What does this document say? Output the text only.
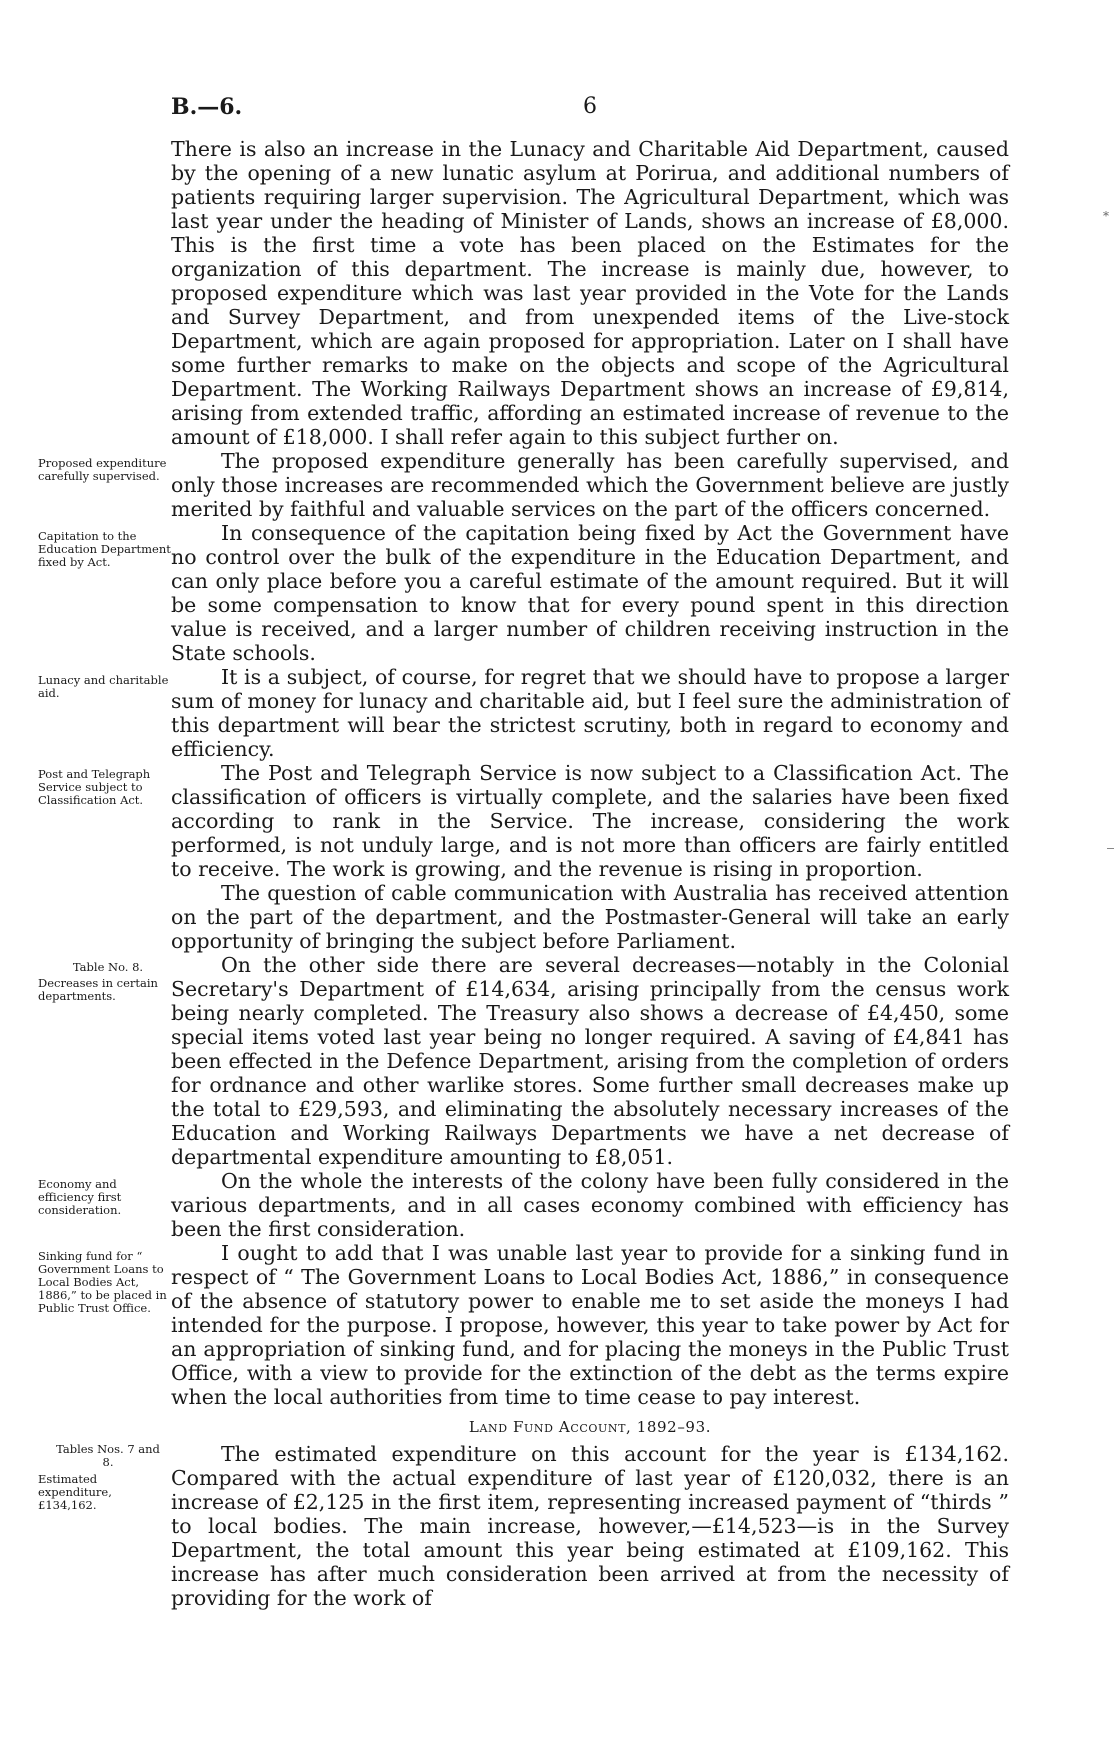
B.—6.	6

There is also an increase in the Lunacy and Charitable Aid Department, caused by the opening of a new lunatic asylum at Porirua, and additional numbers of patients requiring larger supervision. The Agricultural Department, which was last year under the heading of Minister of Lands, shows an increase of £8,000. This is the first time a vote has been placed on the Estimates for the organization of this department. The increase is mainly due, however, to proposed expenditure which was last year provided in the Vote for the Lands and Survey Department, and from unexpended items of the Live-stock Department, which are again proposed for appropriation. Later on I shall have some further remarks to make on the objects and scope of the Agricultural Department. The Working Railways Department shows an increase of £9,814, arising from extended traffic, affording an estimated increase of revenue to the amount of £18,000. I shall refer again to this subject further on.

The proposed expenditure generally has been carefully supervised, and only those increases are recommended which the Government believe are justly merited by faithful and valuable services on the part of the officers concerned.

In consequence of the capitation being fixed by Act the Government have no control over the bulk of the expenditure in the Education Department, and can only place before you a careful estimate of the amount required. But it will be some compensation to know that for every pound spent in this direction value is received, and a larger number of children receiving instruction in the State schools.

It is a subject, of course, for regret that we should have to propose a larger sum of money for lunacy and charitable aid, but I feel sure the administration of this department will bear the strictest scrutiny, both in regard to economy and efficiency.

The Post and Telegraph Service is now subject to a Classification Act. The classification of officers is virtually complete, and the salaries have been fixed according to rank in the Service. The increase, considering the work performed, is not unduly large, and is not more than officers are fairly entitled to receive. The work is growing, and the revenue is rising in proportion.

The question of cable communication with Australia has received attention on the part of the department, and the Postmaster-General will take an early opportunity of bringing the subject before Parliament.

On the other side there are several decreases—notably in the Colonial Secretary's Department of £14,634, arising principally from the census work being nearly completed. The Treasury also shows a decrease of £4,450, some special items voted last year being no longer required. A saving of £4,841 has been effected in the Defence Department, arising from the completion of orders for ordnance and other warlike stores. Some further small decreases make up the total to £29,593, and eliminating the absolutely necessary increases of the Education and Working Railways Departments we have a net decrease of departmental expenditure amounting to £8,051.

On the whole the interests of the colony have been fully considered in the various departments, and in all cases economy combined with efficiency has been the first consideration.

I ought to add that I was unable last year to provide for a sinking fund in respect of “ The Government Loans to Local Bodies Act, 1886,” in consequence of the absence of statutory power to enable me to set aside the moneys I had intended for the purpose. I propose, however, this year to take power by Act for an appropriation of sinking fund, and for placing the moneys in the Public Trust Office, with a view to provide for the extinction of the debt as the terms expire when the local authorities from time to time cease to pay interest.

Land Fund Account, 1892–93.

The estimated expenditure on this account for the year is £134,162. Compared with the actual expenditure of last year of £120,032, there is an increase of £2,125 in the first item, representing increased payment of “thirds ” to local bodies. The main increase, however,—£14,523—is in the Survey Department, the total amount this year being estimated at £109,162. This increase has after much consideration been arrived at from the necessity of providing for the work of

Proposed expenditure carefully supervised.
Capitation to the Education Department fixed by Act.
Lunacy and charitable aid.
Post and Telegraph Service subject to Classification Act.
Table No. 8.
Decreases in certain departments.
Economy and efficiency first consideration.
Sinking fund for “ Government Loans to Local Bodies Act, 1886,” to be placed in Public Trust Office.
Tables Nos. 7 and 8.
Estimated expenditure, £134,162.
*
